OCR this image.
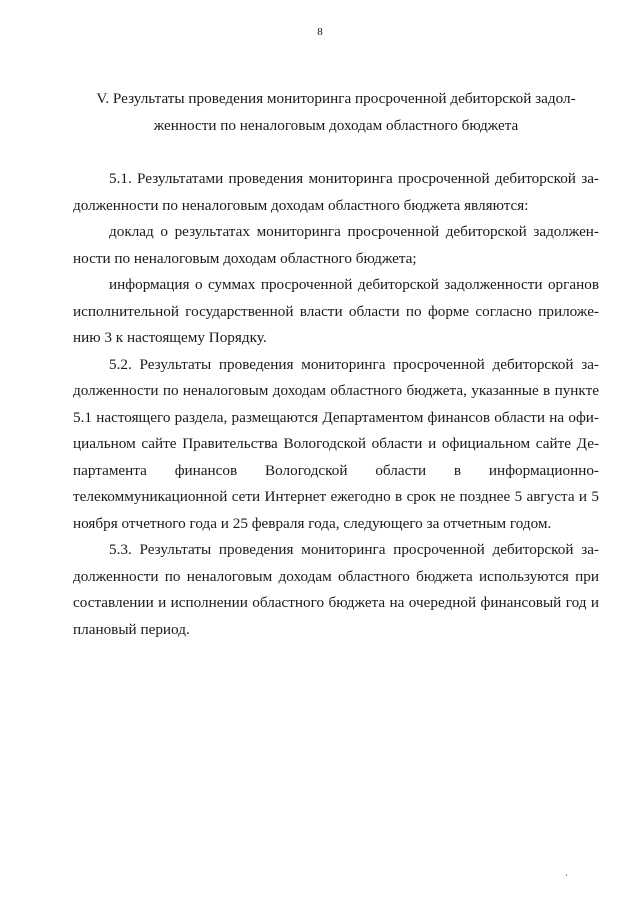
8
V. Результаты проведения мониторинга просроченной дебиторской задол-
женности по неналоговым доходам областного бюджета

5.1. Результатами проведения мониторинга просроченной дебиторской за-
долженности по неналоговым доходам областного бюджета являются:

доклад о результатах мониторинга просроченной дебиторской задолжен-
ности по неналоговым доходам областного бюджета;

информация о суммах просроченной дебиторской задолженности органов
исполнительной государственной власти области по форме согласно приложе-
нию 3 к настоящему Порядку.

5.2. Результаты проведения мониторинга просроченной дебиторской за-
долженности по неналоговым доходам областного бюджета, указанные в пункте
5.1 настоящего раздела, размещаются Департаментом финансов области на офи-
циальном сайте Правительства Вологодской области и официальном сайте Де-
партамента финансов Вологодской области в информационно-
телекоммуникационной сети Интернет ежегодно в срок не позднее 5 августа и 5
ноября отчетного года и 25 февраля года, следующего за отчетным годом.

5.3. Результаты проведения мониторинга просроченной дебиторской за-
долженности по неналоговым доходам областного бюджета используются при
составлении и исполнении областного бюджета на очередной финансовый год и
плановый период.
